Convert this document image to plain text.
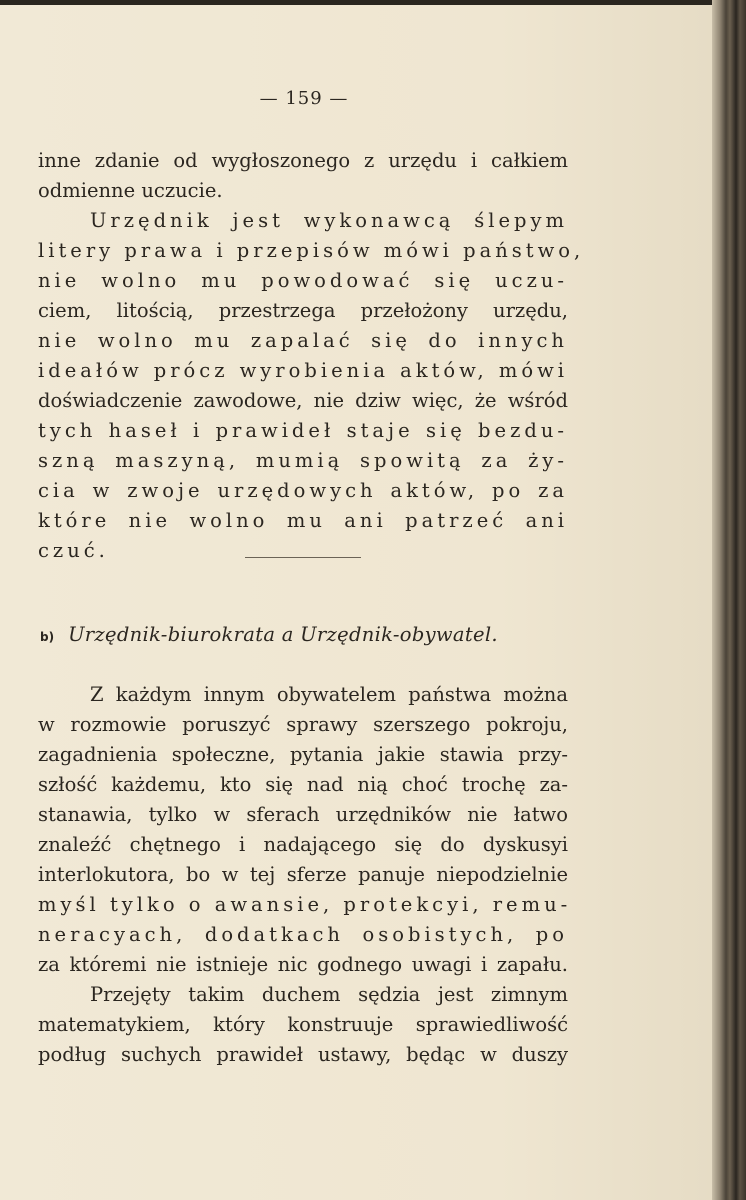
— 159 —
inne zdanie od wygłoszonego z urzędu i całkiem
odmienne uczucie.
Urzędnik jest wykonawcą ślepym
litery prawa i przepisów mówi państwo,
nie wolno mu powodować się uczu-
ciem, litością, przestrzega przełożony urzędu,
nie wolno mu zapalać się do innych
ideałów prócz wyrobienia aktów, mówi
doświadczenie zawodowe, nie dziw więc, że wśród
tych haseł i prawideł staje się bezdu-
szną maszyną, mumią spowitą za ży-
cia w zwoje urzędowych aktów, po za
które nie wolno mu ani patrzeć ani
czuć.
b) Urzędnik-biurokrata a Urzędnik-obywatel.
Z każdym innym obywatelem państwa można
w rozmowie poruszyć sprawy szerszego pokroju,
zagadnienia społeczne, pytania jakie stawia przy-
szłość każdemu, kto się nad nią choć trochę za-
stanawia, tylko w sferach urzędników nie łatwo
znaleźć chętnego i nadającego się do dyskusyi
interlokutora, bo w tej sferze panuje niepodzielnie
myśl tylko o awansie, protekcyi, remu-
neracyach, dodatkach osobistych, po
za któremi nie istnieje nic godnego uwagi i zapału.
Przejęty takim duchem sędzia jest zimnym
matematykiem, który konstruuje sprawiedliwość
podług suchych prawideł ustawy, będąc w duszy
